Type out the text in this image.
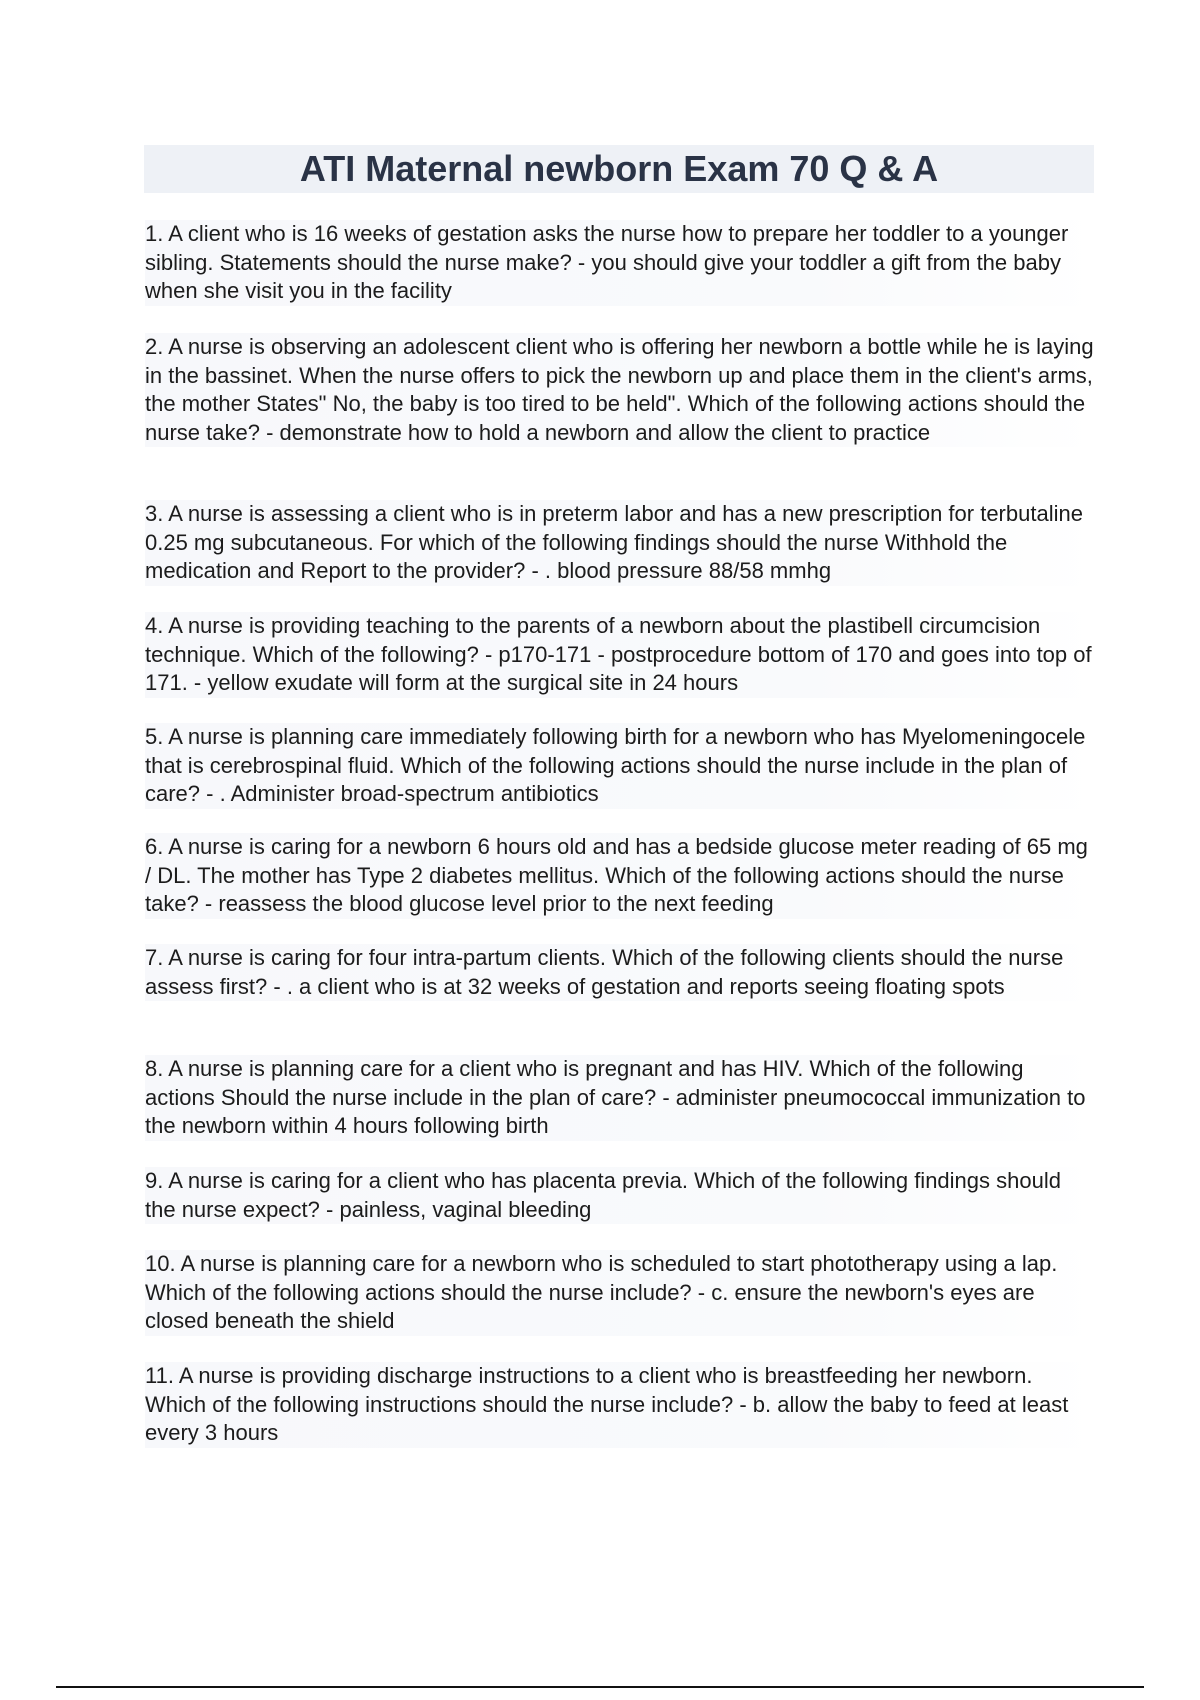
ATI Maternal newborn Exam 70 Q & A

1. A client who is 16 weeks of gestation asks the nurse how to prepare her toddler to a younger sibling. Statements should the nurse make? - you should give your toddler a gift from the baby when she visit you in the facility

2. A nurse is observing an adolescent client who is offering her newborn a bottle while he is laying in the bassinet. When the nurse offers to pick the newborn up and place them in the client's arms, the mother States" No, the baby is too tired to be held". Which of the following actions should the nurse take? - demonstrate how to hold a newborn and allow the client to practice

3. A nurse is assessing a client who is in preterm labor and has a new prescription for terbutaline 0.25 mg subcutaneous. For which of the following findings should the nurse Withhold the medication and Report to the provider? - . blood pressure 88/58 mmhg

4. A nurse is providing teaching to the parents of a newborn about the plastibell circumcision technique. Which of the following? - p170-171 - postprocedure bottom of 170 and goes into top of 171. - yellow exudate will form at the surgical site in 24 hours

5. A nurse is planning care immediately following birth for a newborn who has Myelomeningocele that is cerebrospinal fluid. Which of the following actions should the nurse include in the plan of care? - . Administer broad-spectrum antibiotics

6. A nurse is caring for a newborn 6 hours old and has a bedside glucose meter reading of 65 mg / DL. The mother has Type 2 diabetes mellitus. Which of the following actions should the nurse take? - reassess the blood glucose level prior to the next feeding

7. A nurse is caring for four intra-partum clients. Which of the following clients should the nurse assess first? - . a client who is at 32 weeks of gestation and reports seeing floating spots

8. A nurse is planning care for a client who is pregnant and has HIV. Which of the following actions Should the nurse include in the plan of care? - administer pneumococcal immunization to the newborn within 4 hours following birth

9. A nurse is caring for a client who has placenta previa. Which of the following findings should the nurse expect? - painless, vaginal bleeding

10. A nurse is planning care for a newborn who is scheduled to start phototherapy using a lap. Which of the following actions should the nurse include? - c. ensure the newborn's eyes are closed beneath the shield

11. A nurse is providing discharge instructions to a client who is breastfeeding her newborn. Which of the following instructions should the nurse include? - b. allow the baby to feed at least every 3 hours
